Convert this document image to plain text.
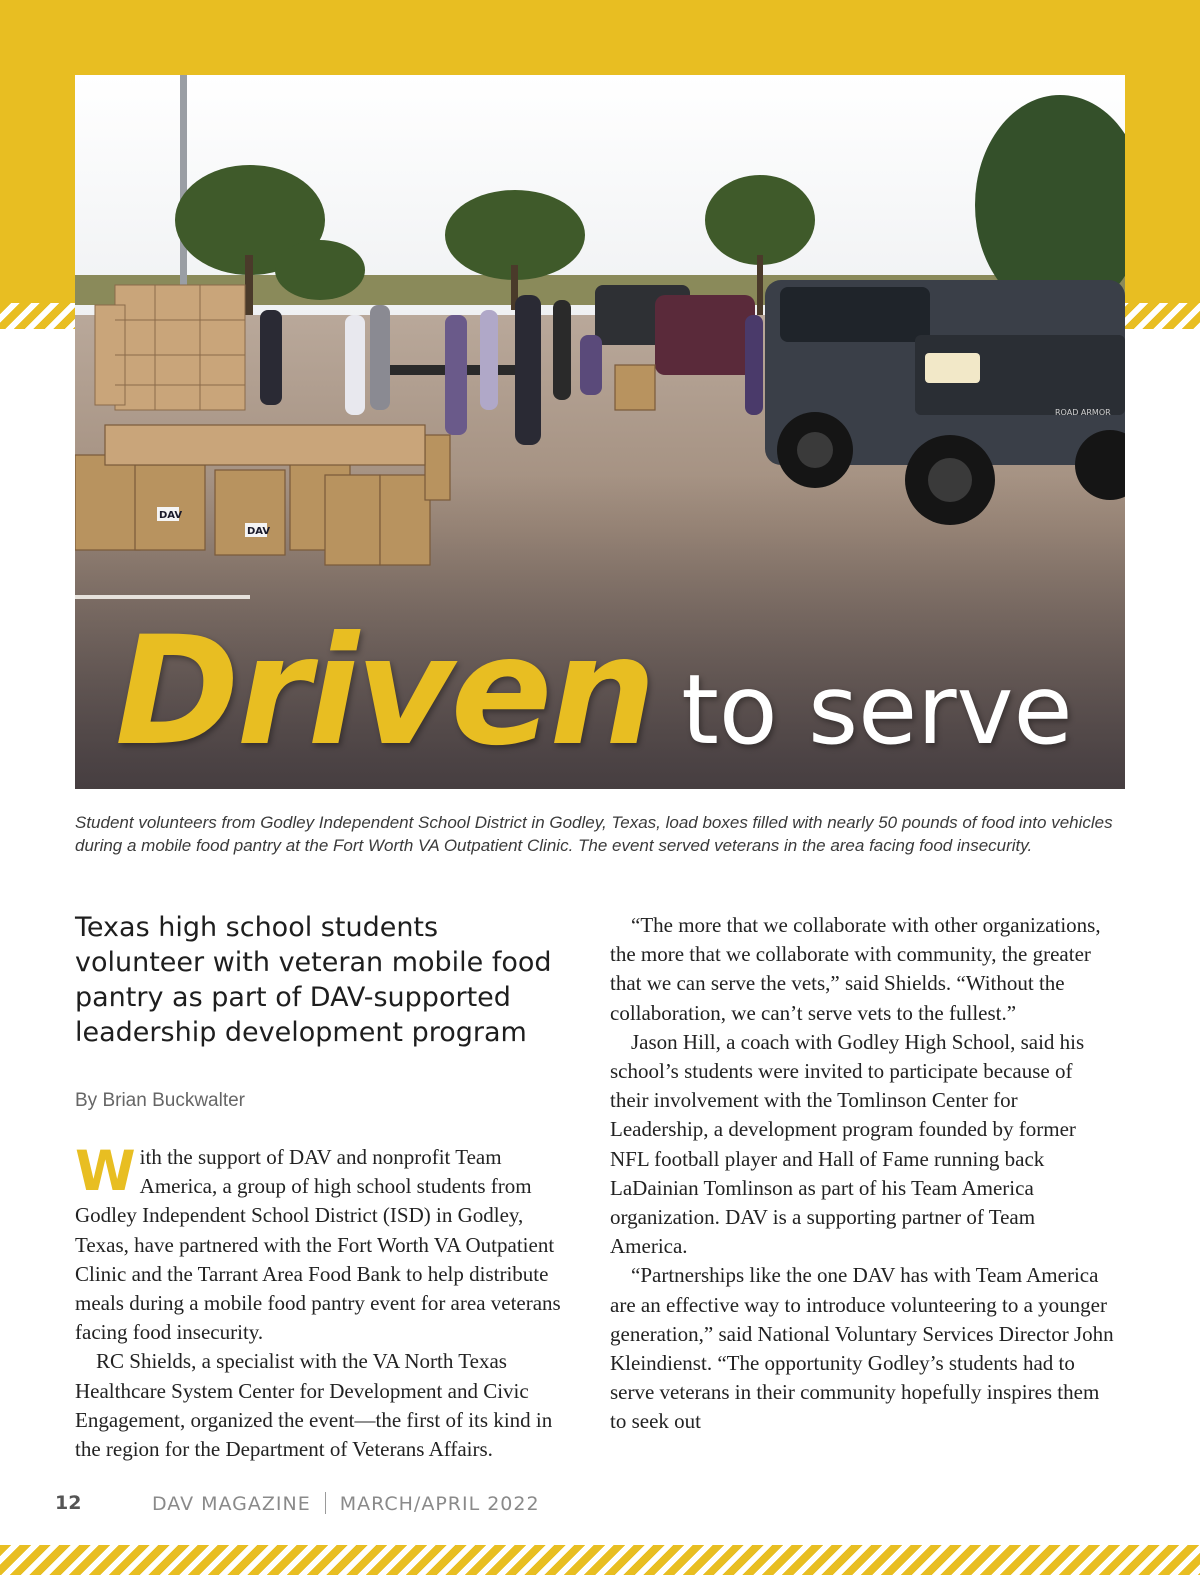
ROAD ARMOR
DAV
DAV
Driven to serve

Student volunteers from Godley Independent School District in Godley, Texas, load boxes filled with nearly 50 pounds of food into vehicles during a mobile food pantry at the Fort Worth VA Outpatient Clinic. The event served veterans in the area facing food insecurity.

Texas high school students volunteer with veteran mobile food pantry as part of DAV-supported leadership development program

By Brian Buckwalter

With the support of DAV and nonprofit Team America, a group of high school students from Godley Independent School District (ISD) in Godley, Texas, have partnered with the Fort Worth VA Outpatient Clinic and the Tarrant Area Food Bank to help distribute meals during a mobile food pantry event for area veterans facing food insecurity.

RC Shields, a specialist with the VA North Texas Healthcare System Center for Development and Civic Engagement, organized the event—the first of its kind in the region for the Department of Veterans Affairs.

“The more that we collaborate with other organizations, the more that we collaborate with community, the greater that we can serve the vets,” said Shields. “Without the collaboration, we can’t serve vets to the fullest.”

Jason Hill, a coach with Godley High School, said his school’s students were invited to participate because of their involvement with the Tomlinson Center for Leadership, a development program founded by former NFL football player and Hall of Fame running back LaDainian Tomlinson as part of his Team America organization. DAV is a supporting partner of Team America.

“Partnerships like the one DAV has with Team America are an effective way to introduce volunteering to a younger generation,” said National Voluntary Services Director John Kleindienst. “The opportunity Godley’s students had to serve veterans in their community hopefully inspires them to seek out

12	DAV MAGAZINE MARCH/APRIL 2022
